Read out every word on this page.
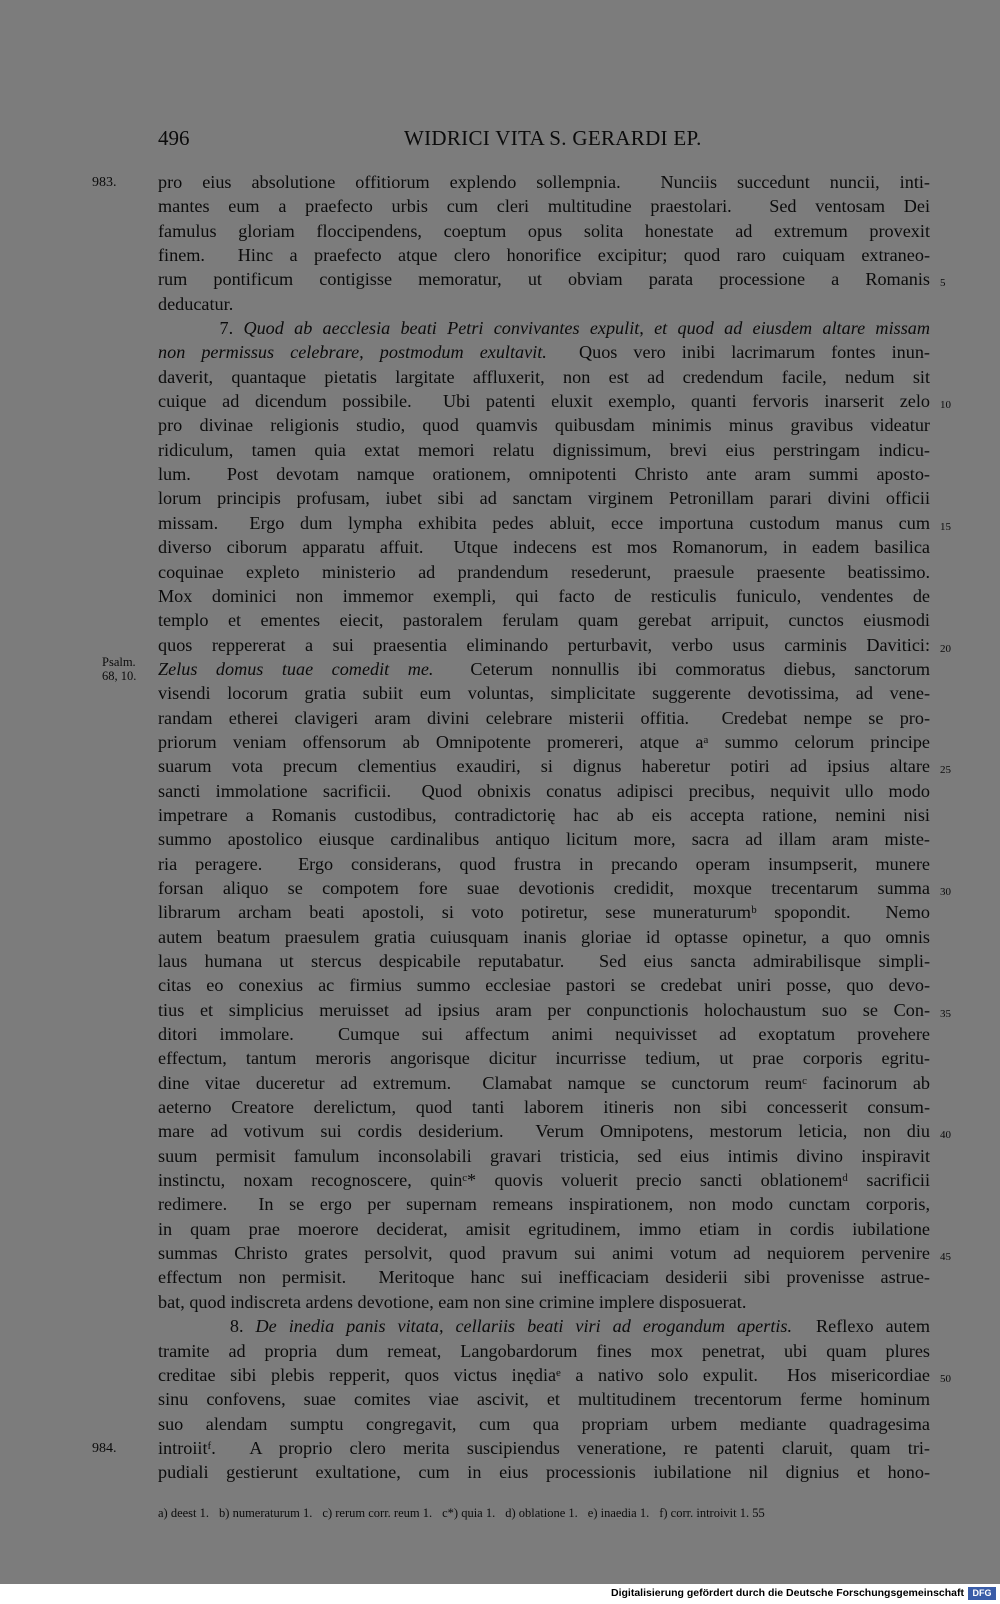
496	WIDRICI VITA S. GERARDI EP.
983.	pro eius absolutione offitiorum explendo sollempnia.  Nunciis succedunt nuncii, inti-
mantes eum a praefecto urbis cum cleri multitudine praestolari.  Sed ventosam Dei
famulus gloriam floccipendens, coeptum opus solita honestate ad extremum provexit
finem.  Hinc a praefecto atque clero honorifice excipitur; quod raro cuiquam extraneo-
rum pontificum contigisse memoratur, ut obviam parata processione a Romanis 5
deducatur.
7. Quod ab aecclesia beati Petri convivantes expulit, et quod ad eiusdem altare missam
non permissus celebrare, postmodum exultavit.  Quos vero inibi lacrimarum fontes inun-
daverit, quantaque pietatis largitate affluxerit, non est ad credendum facile, nedum sit
cuique ad dicendum possibile.  Ubi patenti eluxit exemplo, quanti fervoris inarserit zelo 10
pro divinae religionis studio, quod quamvis quibusdam minimis minus gravibus videatur
ridiculum, tamen quia extat memori relatu dignissimum, brevi eius perstringam indicu-
lum.  Post devotam namque orationem, omnipotenti Christo ante aram summi aposto-
lorum principis profusam, iubet sibi ad sanctam virginem Petronillam parari divini officii
missam.  Ergo dum lympha exhibita pedes abluit, ecce importuna custodum manus cum 15
diverso ciborum apparatu affuit.  Utque indecens est mos Romanorum, in eadem basilica
coquinae expleto ministerio ad prandendum resederunt, praesule praesente beatissimo.
Mox dominici non immemor exempli, qui facto de resticulis funiculo, vendentes de
templo et ementes eiecit, pastoralem ferulam quam gerebat arripuit, cunctos eiusmodi
quos reppererat a sui praesentia eliminando perturbavit, verbo usus carminis Davitici: 20
Psalm.
68, 10. Zelus domus tuae comedit me.  Ceterum nonnullis ibi commoratus diebus, sanctorum
visendi locorum gratia subiit eum voluntas, simplicitate suggerente devotissima, ad vene-
randam etherei clavigeri aram divini celebrare misterii offitia.  Credebat nempe se pro-
priorum veniam offensorum ab Omnipotente promereri, atque aᵃ summo celorum principe
suarum vota precum clementius exaudiri, si dignus haberetur potiri ad ipsius altare 25
sancti immolatione sacrificii.  Quod obnixis conatus adipisci precibus, nequivit ullo modo
impetrare a Romanis custodibus, contradictorię hac ab eis accepta ratione, nemini nisi
summo apostolico eiusque cardinalibus antiquo licitum more, sacra ad illam aram miste-
ria peragere.  Ergo considerans, quod frustra in precando operam insumpserit, munere
forsan aliquo se compotem fore suae devotionis credidit, moxque trecentarum summa 30
librarum archam beati apostoli, si voto potiretur, sese muneraturumᵇ spopondit.  Nemo
autem beatum praesulem gratia cuiusquam inanis gloriae id optasse opinetur, a quo omnis
laus humana ut stercus despicabile reputabatur.  Sed eius sancta admirabilisque simpli-
citas eo conexius ac firmius summo ecclesiae pastori se credebat uniri posse, quo devo-
tius et simplicius meruisset ad ipsius aram per conpunctionis holochaustum suo se Con- 35
ditori immolare.  Cumque sui affectum animi nequivisset ad exoptatum provehere
effectum, tantum meroris angorisque dicitur incurrisse tedium, ut prae corporis egritu-
dine vitae duceretur ad extremum.  Clamabat namque se cunctorum reumᶜ facinorum ab
aeterno Creatore derelictum, quod tanti laborem itineris non sibi concesserit consum-
mare ad votivum sui cordis desiderium.  Verum Omnipotens, mestorum leticia, non diu 40
suum permisit famulum inconsolabili gravari tristicia, sed eius intimis divino inspiravit
instinctu, noxam recognoscere, quinᶜ* quovis voluerit precio sancti oblationemᵈ sacrificii
redimere.  In se ergo per supernam remeans inspirationem, non modo cunctam corporis,
in quam prae moerore deciderat, amisit egritudinem, immo etiam in cordis iubilatione
summas Christo grates persolvit, quod pravum sui animi votum ad nequiorem pervenire 45
effectum non permisit.  Meritoque hanc sui inefficaciam desiderii sibi provenisse astrue-
bat, quod indiscreta ardens devotione, eam non sine crimine implere disposuerat.
8. De inedia panis vitata, cellariis beati viri ad erogandum apertis.  Reflexo autem
tramite ad propria dum remeat, Langobardorum fines mox penetrat, ubi quam plures
creditae sibi plebis repperit, quos victus inędiaᵉ a nativo solo expulit.  Hos misericordiae 50
sinu confovens, suae comites viae ascivit, et multitudinem trecentorum ferme hominum
suo alendam sumptu congregavit, cum qua propriam urbem mediante quadragesima
984.	introiitᶠ.  A proprio clero merita suscipiendus veneratione, re patenti claruit, quam tri-
pudiali gestierunt exultatione, cum in eius processionis iubilatione nil dignius et hono-
a) deest 1. b) numeraturum 1. c) rerum corr. reum 1. c*) quia 1. d) oblatione 1. e) inaedia 1. f) corr. introivit 1. 55
Digitalisierung gefördert durch die Deutsche Forschungsgemeinschaft DFG
